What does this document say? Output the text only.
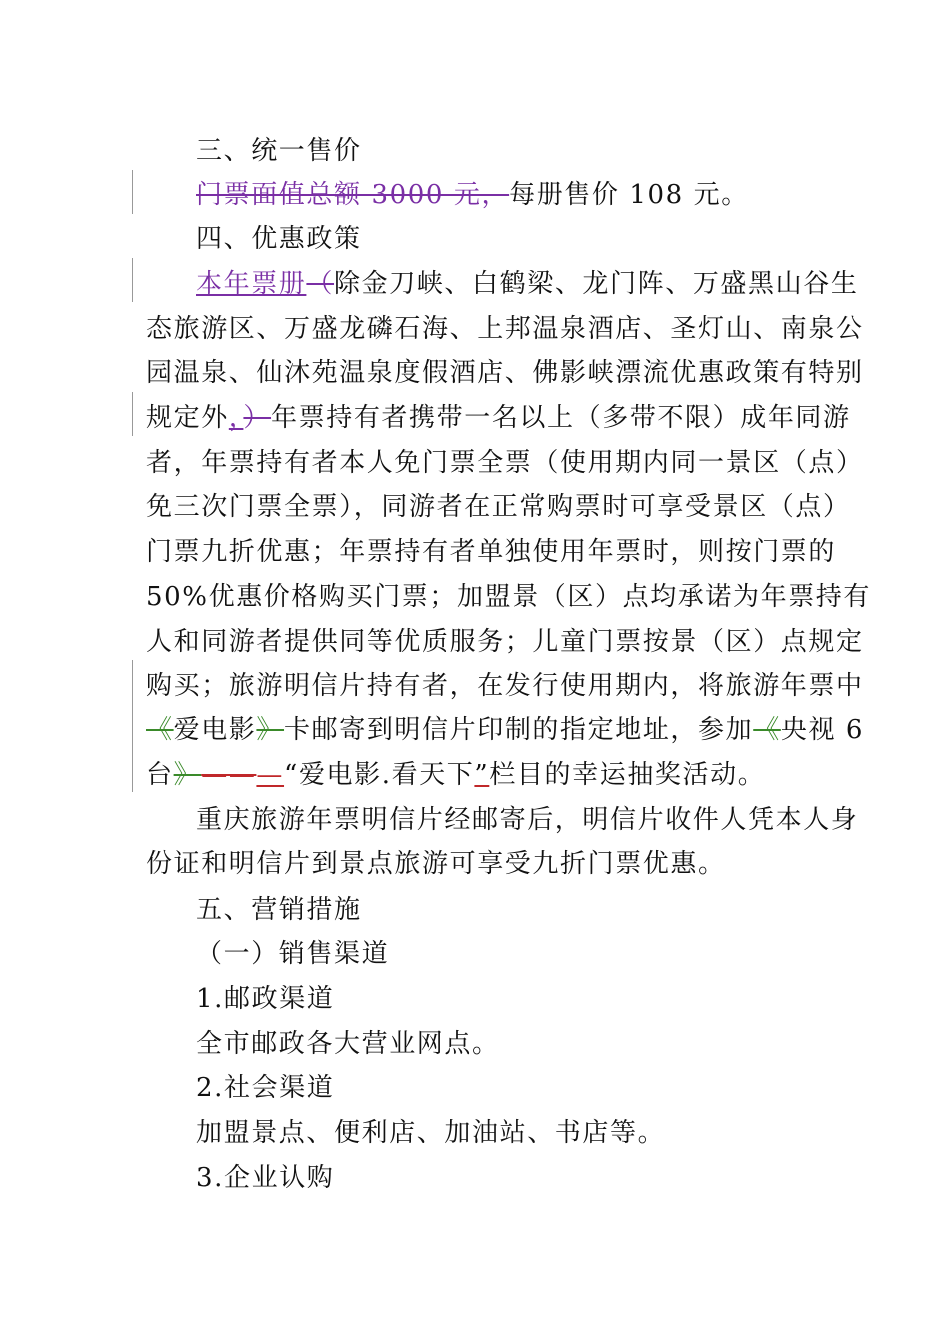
三、统一售价
门票面值总额 3000 元，每册售价 108 元。
四、优惠政策
本年票册（除金刀峡、白鹤梁、龙门阵、万盛黑山谷生
态旅游区、万盛龙磷石海、上邦温泉酒店、圣灯山、南泉公
园温泉、仙沐苑温泉度假酒店、佛影峡漂流优惠政策有特别
规定外，）年票持有者携带一名以上（多带不限）成年同游
者，年票持有者本人免门票全票（使用期内同一景区（点）
免三次门票全票），同游者在正常购票时可享受景区（点）
门票九折优惠；年票持有者单独使用年票时，则按门票的
50%优惠价格购买门票；加盟景（区）点均承诺为年票持有
人和同游者提供同等优质服务；儿童门票按景（区）点规定
购买；旅游明信片持有者，在发行使用期内，将旅游年票中
《爱电影》卡邮寄到明信片印制的指定地址，参加《央视 6
台》———“爱电影.看天下”栏目的幸运抽奖活动。
重庆旅游年票明信片经邮寄后，明信片收件人凭本人身
份证和明信片到景点旅游可享受九折门票优惠。
五、营销措施
（一）销售渠道
1.邮政渠道
全市邮政各大营业网点。
2.社会渠道
加盟景点、便利店、加油站、书店等。
3.企业认购
